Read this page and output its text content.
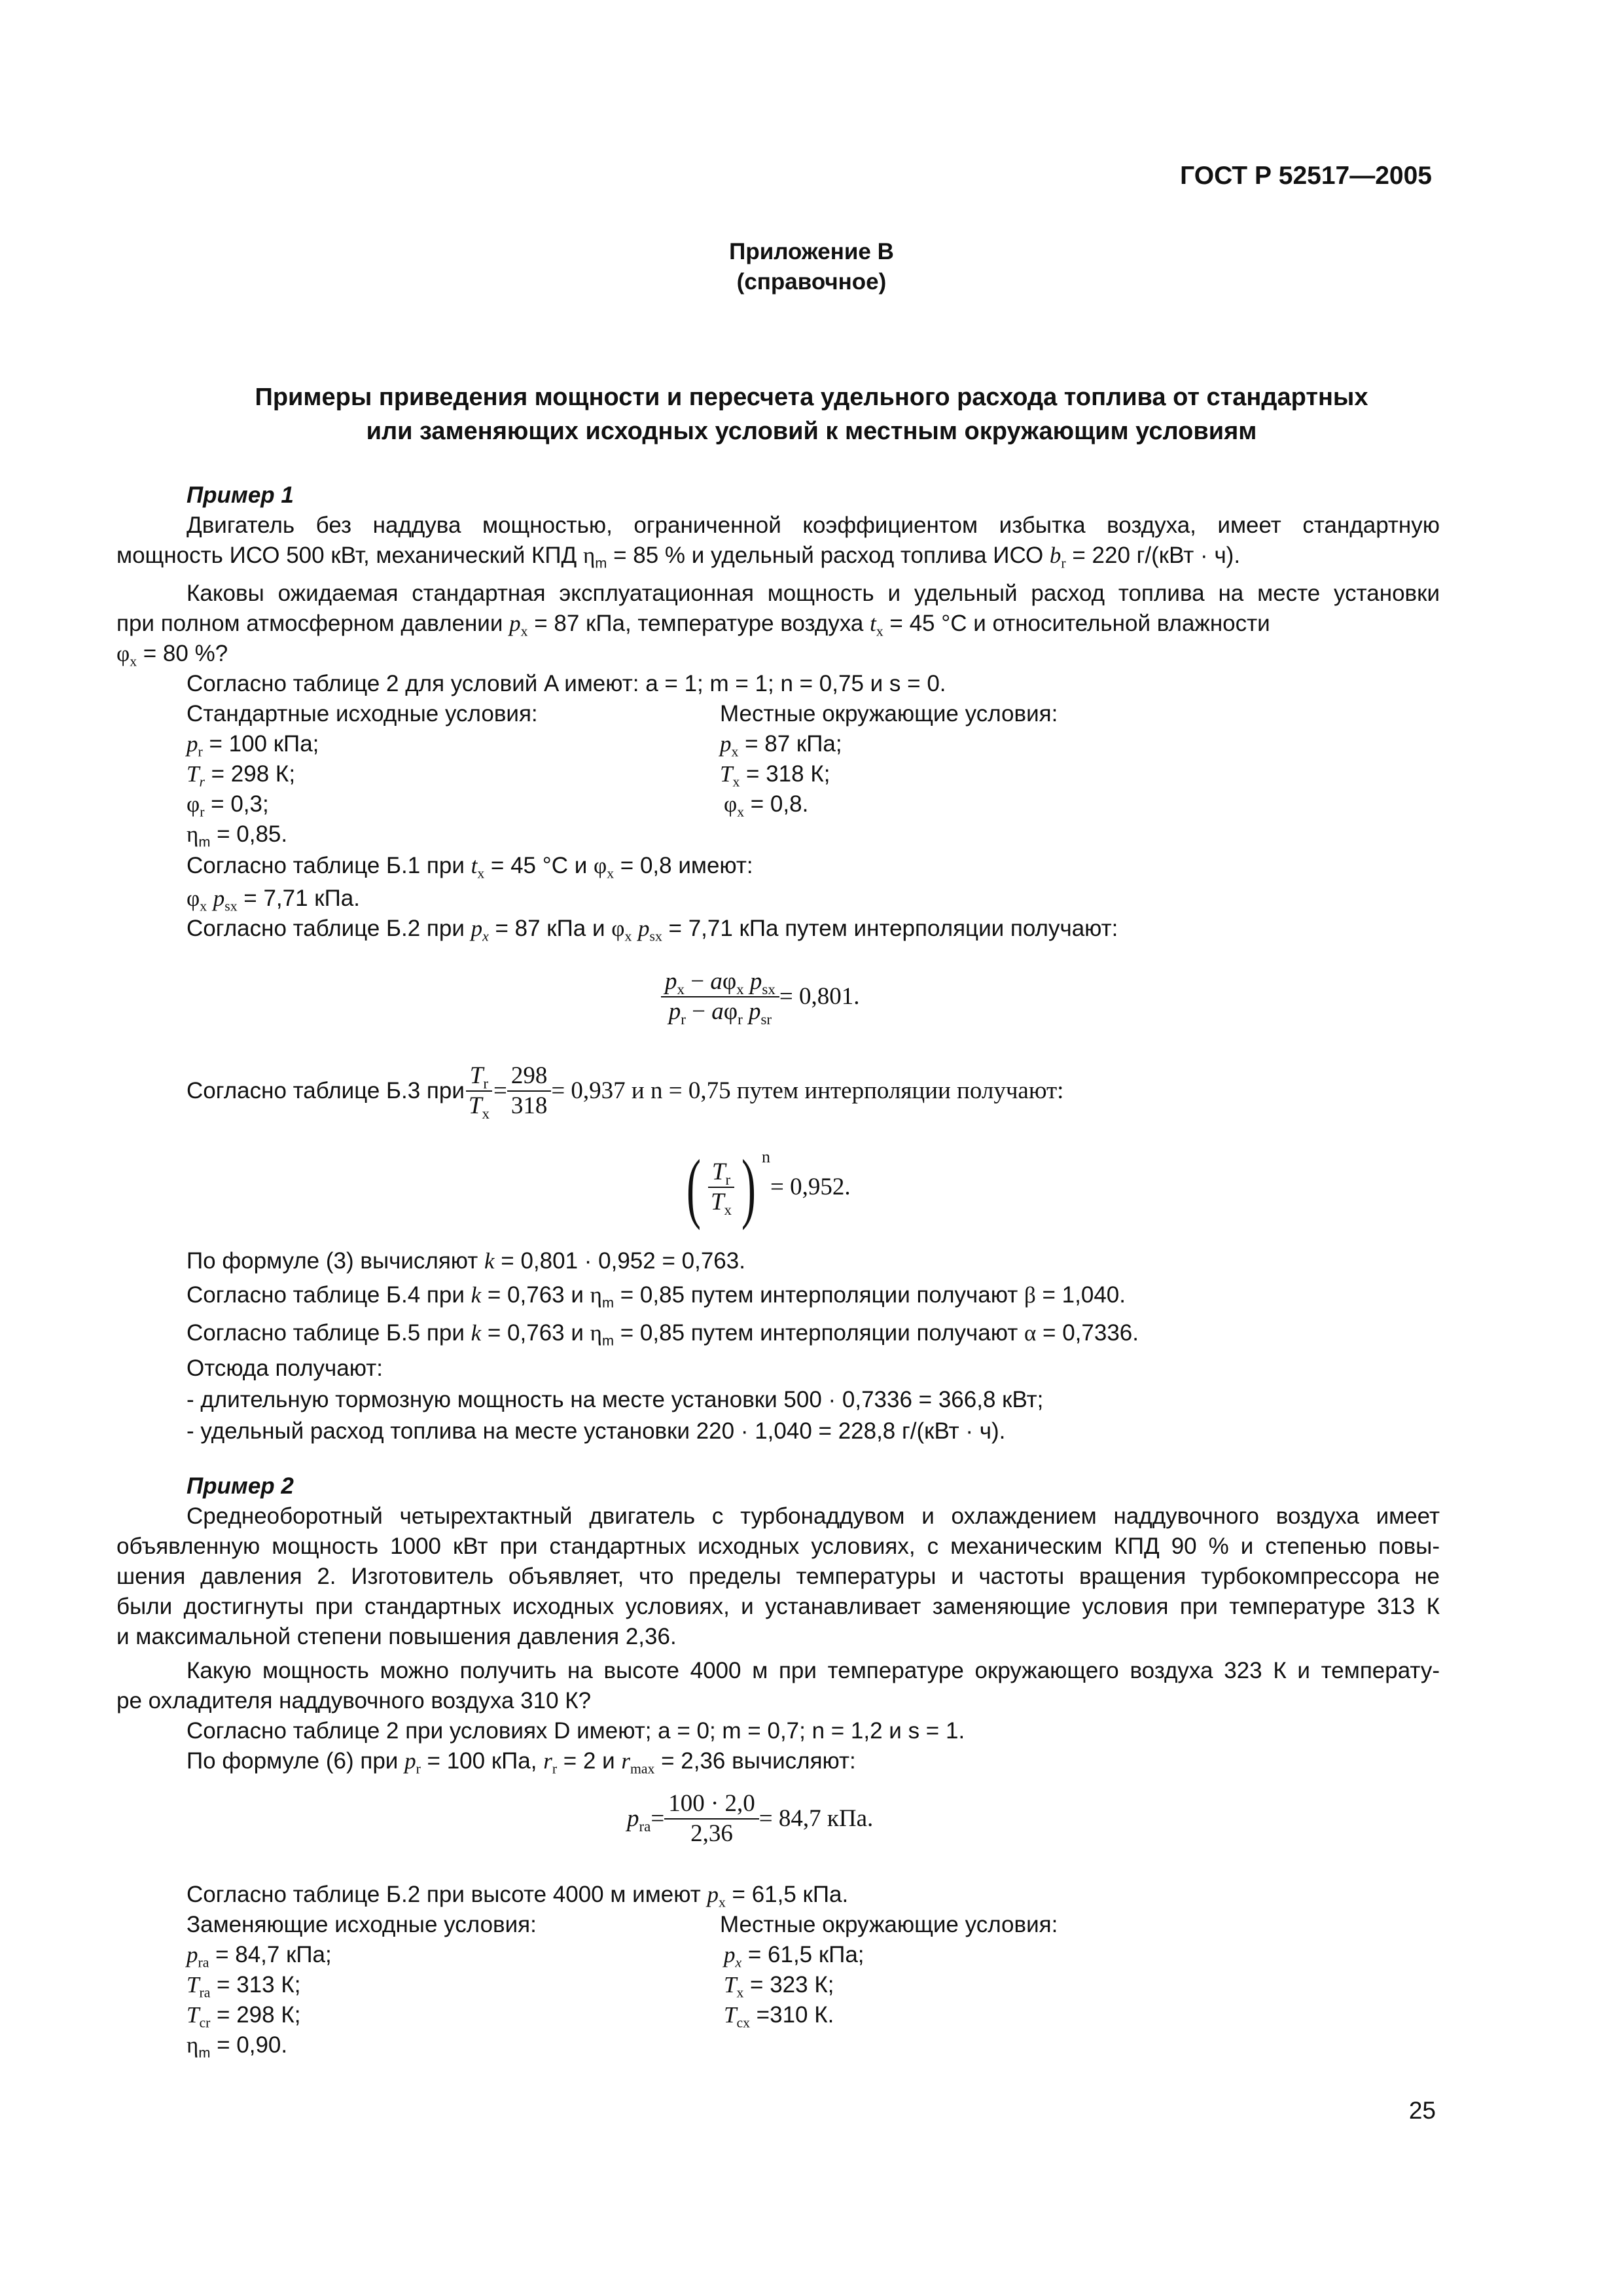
ГОСТ Р 52517—2005
Приложение В
(справочное)
Примеры приведения мощности и пересчета удельного расхода топлива от стандартных
или заменяющих исходных условий к местным окружающим условиям
Пример 1
Двигатель без наддува мощностью, ограниченной коэффициентом избытка воздуха, имеет стандартную
мощность ИСО 500 кВт, механический КПД $\eta_m = 85$ % и удельный расход топлива ИСО $b_r = 220$ г/(кВт · ч).
Каковы ожидаемая стандартная эксплуатационная мощность и удельный расход топлива на месте установки
при полном атмосферном давлении $p_x = 87$ кПа, температуре воздуха $t_x = 45$ °С и относительной влажности
$\varphi_x = 80$ %?
Согласно таблице 2 для условий A имеют: a = 1; m = 1; n = 0,75 и s = 0.
Стандартные исходные условия:	Местные окружающие условия:
$p_r = 100$ кПа;
$T_r = 298$ К;
$\varphi_r = 0,3$;
$\eta_m = 0,85$.
$p_x = 87$ кПа;
$T_x = 318$ К;
$\varphi_x = 0,8$.
Согласно таблице Б.1 при $t_x = 45$ °С и $\varphi_x = 0,8$ имеют:
$\varphi_x$ $p_{sx} = 7,71$ кПа.
Согласно таблице Б.2 при $p_x = 87$ кПа и $\varphi_x$ $p_{sx} = 7,71$ кПа путем интерполяции получают:
$\frac{p_x - a\varphi_x p_{sx}}{p_r - a\varphi_r p_{sr}} = 0,801$.
Согласно таблице Б.3 при $\frac{T_r}{T_x} = \frac{298}{318} = 0,937$ и n = 0,75 путем интерполяции получают:
( $\frac{T_r}{T_x}$ ) n
= 0,952.
По формуле (3) вычисляют k = 0,801 · 0,952 = 0,763.
Согласно таблице Б.4 при k = 0,763 и $\eta_m = 0,85$ путем интерполяции получают β = 1,040.
Согласно таблице Б.5 при k = 0,763 и $\eta_m = 0,85$ путем интерполяции получают α = 0,7336.
Отсюда получают:
- длительную тормозную мощность на месте установки 500 · 0,7336 = 366,8 кВт;
- удельный расход топлива на месте установки 220 · 1,040 = 228,8 г/(кВт · ч).
Пример 2
Среднеоборотный четырехтактный двигатель с турбонаддувом и охлаждением наддувочного воздуха имеет
объявленную мощность 1000 кВт при стандартных исходных условиях, с механическим КПД 90 % и степенью повы-
шения давления 2. Изготовитель объявляет, что пределы температуры и частоты вращения турбокомпрессора не
были достигнуты при стандартных исходных условиях, и устанавливает заменяющие условия при температуре 313 К
и максимальной степени повышения давления 2,36.
Какую мощность можно получить на высоте 4000 м при температуре окружающего воздуха 323 К и температу-
ре охладителя наддувочного воздуха 310 К?
Согласно таблице 2 при условиях D имеют; a = 0; m = 0,7; n = 1,2 и s = 1.
По формуле (6) при $p_r = 100$ кПа, $r_r = 2$ и $r_{max} = 2,36$ вычисляют:
$p_{ra} = \frac{100 \cdot 2,0}{2,36} = 84,7$ кПа.
Согласно таблице Б.2 при высоте 4000 м имеют $p_x = 61,5$ кПа.
Заменяющие исходные условия:	Местные окружающие условия:
$p_{ra} = 84,7$ кПа;
$T_{ra} = 313$ К;
$T_{cr} = 298$ К;
$\eta_m = 0,90$.
$p_x = 61,5$ кПа;
$T_x = 323$ К;
$T_{cx} =310$ К.
25
